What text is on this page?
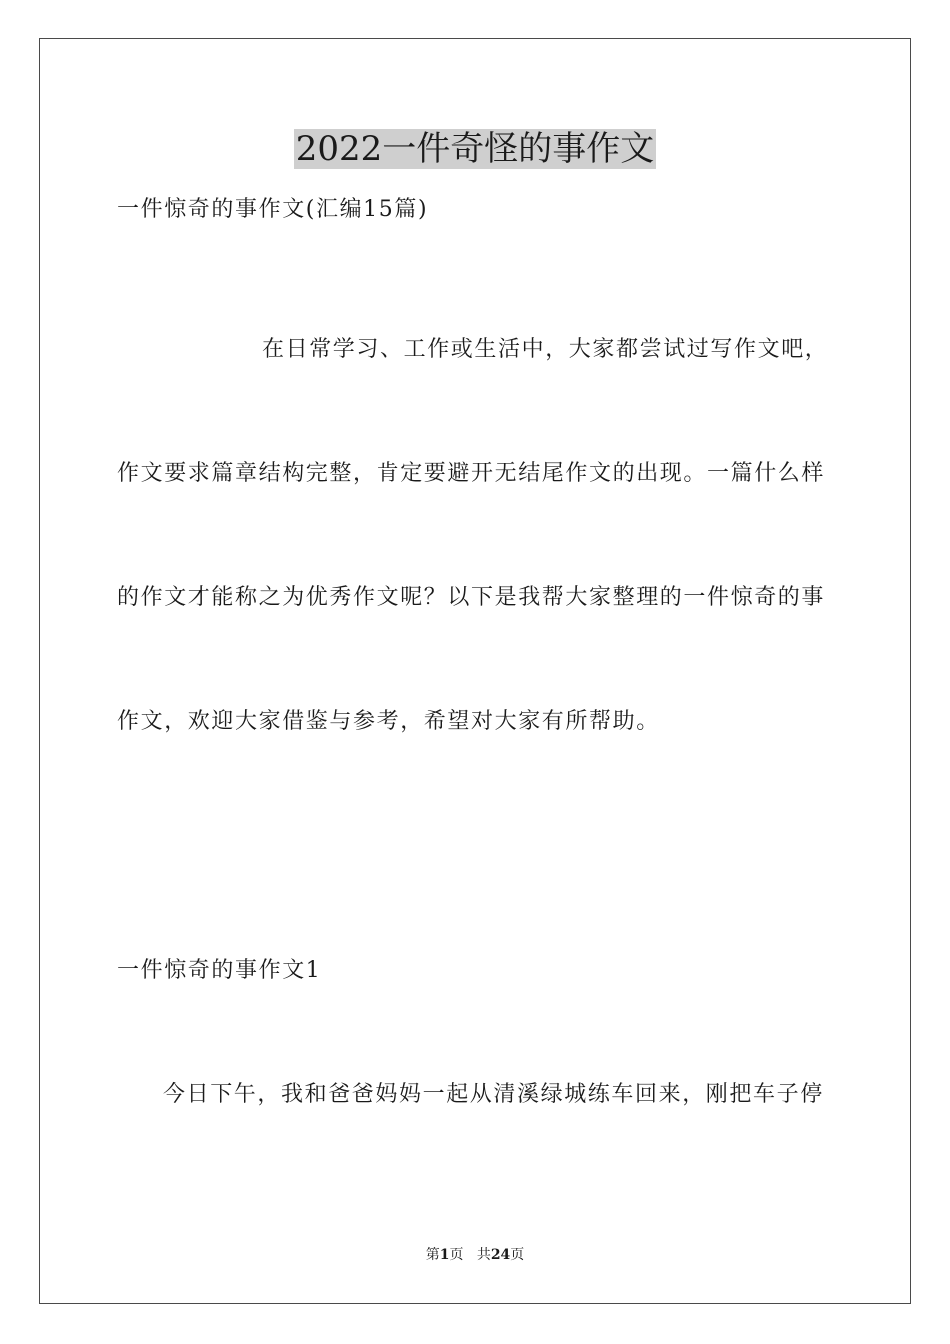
2022一件奇怪的事作文
一件惊奇的事作文(汇编15篇)
在日常学习、工作或生活中，大家都尝试过写作文吧，
作文要求篇章结构完整，肯定要避开无结尾作文的出现。一篇什么样
的作文才能称之为优秀作文呢？以下是我帮大家整理的一件惊奇的事
作文，欢迎大家借鉴与参考，希望对大家有所帮助。
一件惊奇的事作文1
今日下午，我和爸爸妈妈一起从清溪绿城练车回来，刚把车子停
第1页 共24页
